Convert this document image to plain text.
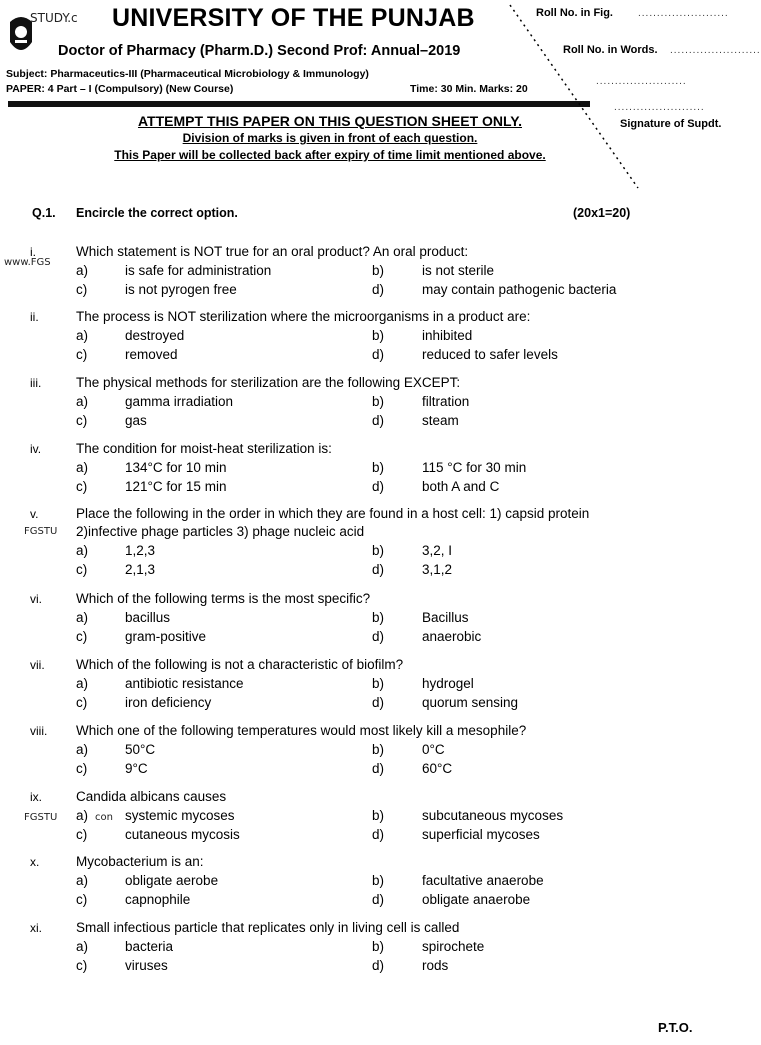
STUDY.c UNIVERSITY OF THE PUNJAB
Doctor of Pharmacy (Pharm.D.) Second Prof: Annual–2019
Subject: Pharmaceutics-III (Pharmaceutical Microbiology & Immunology)
PAPER: 4 Part – I (Compulsory) (New Course)	Time: 30 Min. Marks: 20
Roll No. in Fig.	........................
Roll No. in Words. ........................
........................
........................
Signature of Supdt.
ATTEMPT THIS PAPER ON THIS QUESTION SHEET ONLY.
Division of marks is given in front of each question.
This Paper will be collected back after expiry of time limit mentioned above.
Q.1. Encircle the correct option.	(20x1=20)
www.FGS
FGSTU
FGSTU	con
i.	Which statement is NOT true for an oral product? An oral product:
a)	is safe for administration	b)	is not sterile
c)	is not pyrogen free	d)	may contain pathogenic bacteria
ii.	The process is NOT sterilization where the microorganisms in a product are:
a)	destroyed	b)	inhibited
c)	removed	d)	reduced to safer levels
iii.	The physical methods for sterilization are the following EXCEPT:
a)	gamma irradiation	b)	filtration
c)	gas	d)	steam
iv.	The condition for moist-heat sterilization is:
a)	134°C for 10 min	b)	115 °C for 30 min
c)	121°C for 15 min	d)	both A and C
v.	Place the following in the order in which they are found in a host cell: 1) capsid protein
2)infective phage particles 3) phage nucleic acid
a)	1,2,3	b)	3,2, I
c)	2,1,3	d)	3,1,2
vi.	Which of the following terms is the most specific?
a)	bacillus	b)	Bacillus
c)	gram-positive	d)	anaerobic
vii. Which of the following is not a characteristic of biofilm?
a)	antibiotic resistance	b)	hydrogel
c)	iron deficiency	d)	quorum sensing
viii. Which one of the following temperatures would most likely kill a mesophile?
a)	50°C	b)	0°C
c)	9°C	d)	60°C
ix.	Candida albicans causes
a)	systemic mycoses	b)	subcutaneous mycoses
c)	cutaneous mycosis	d)	superficial mycoses
x.	Mycobacterium is an:
a)	obligate aerobe	b)	facultative anaerobe
c)	capnophile	d)	obligate anaerobe
xi.	Small infectious particle that replicates only in living cell is called
a)	bacteria	b)	spirochete
c)	viruses	d)	rods
P.T.O.
